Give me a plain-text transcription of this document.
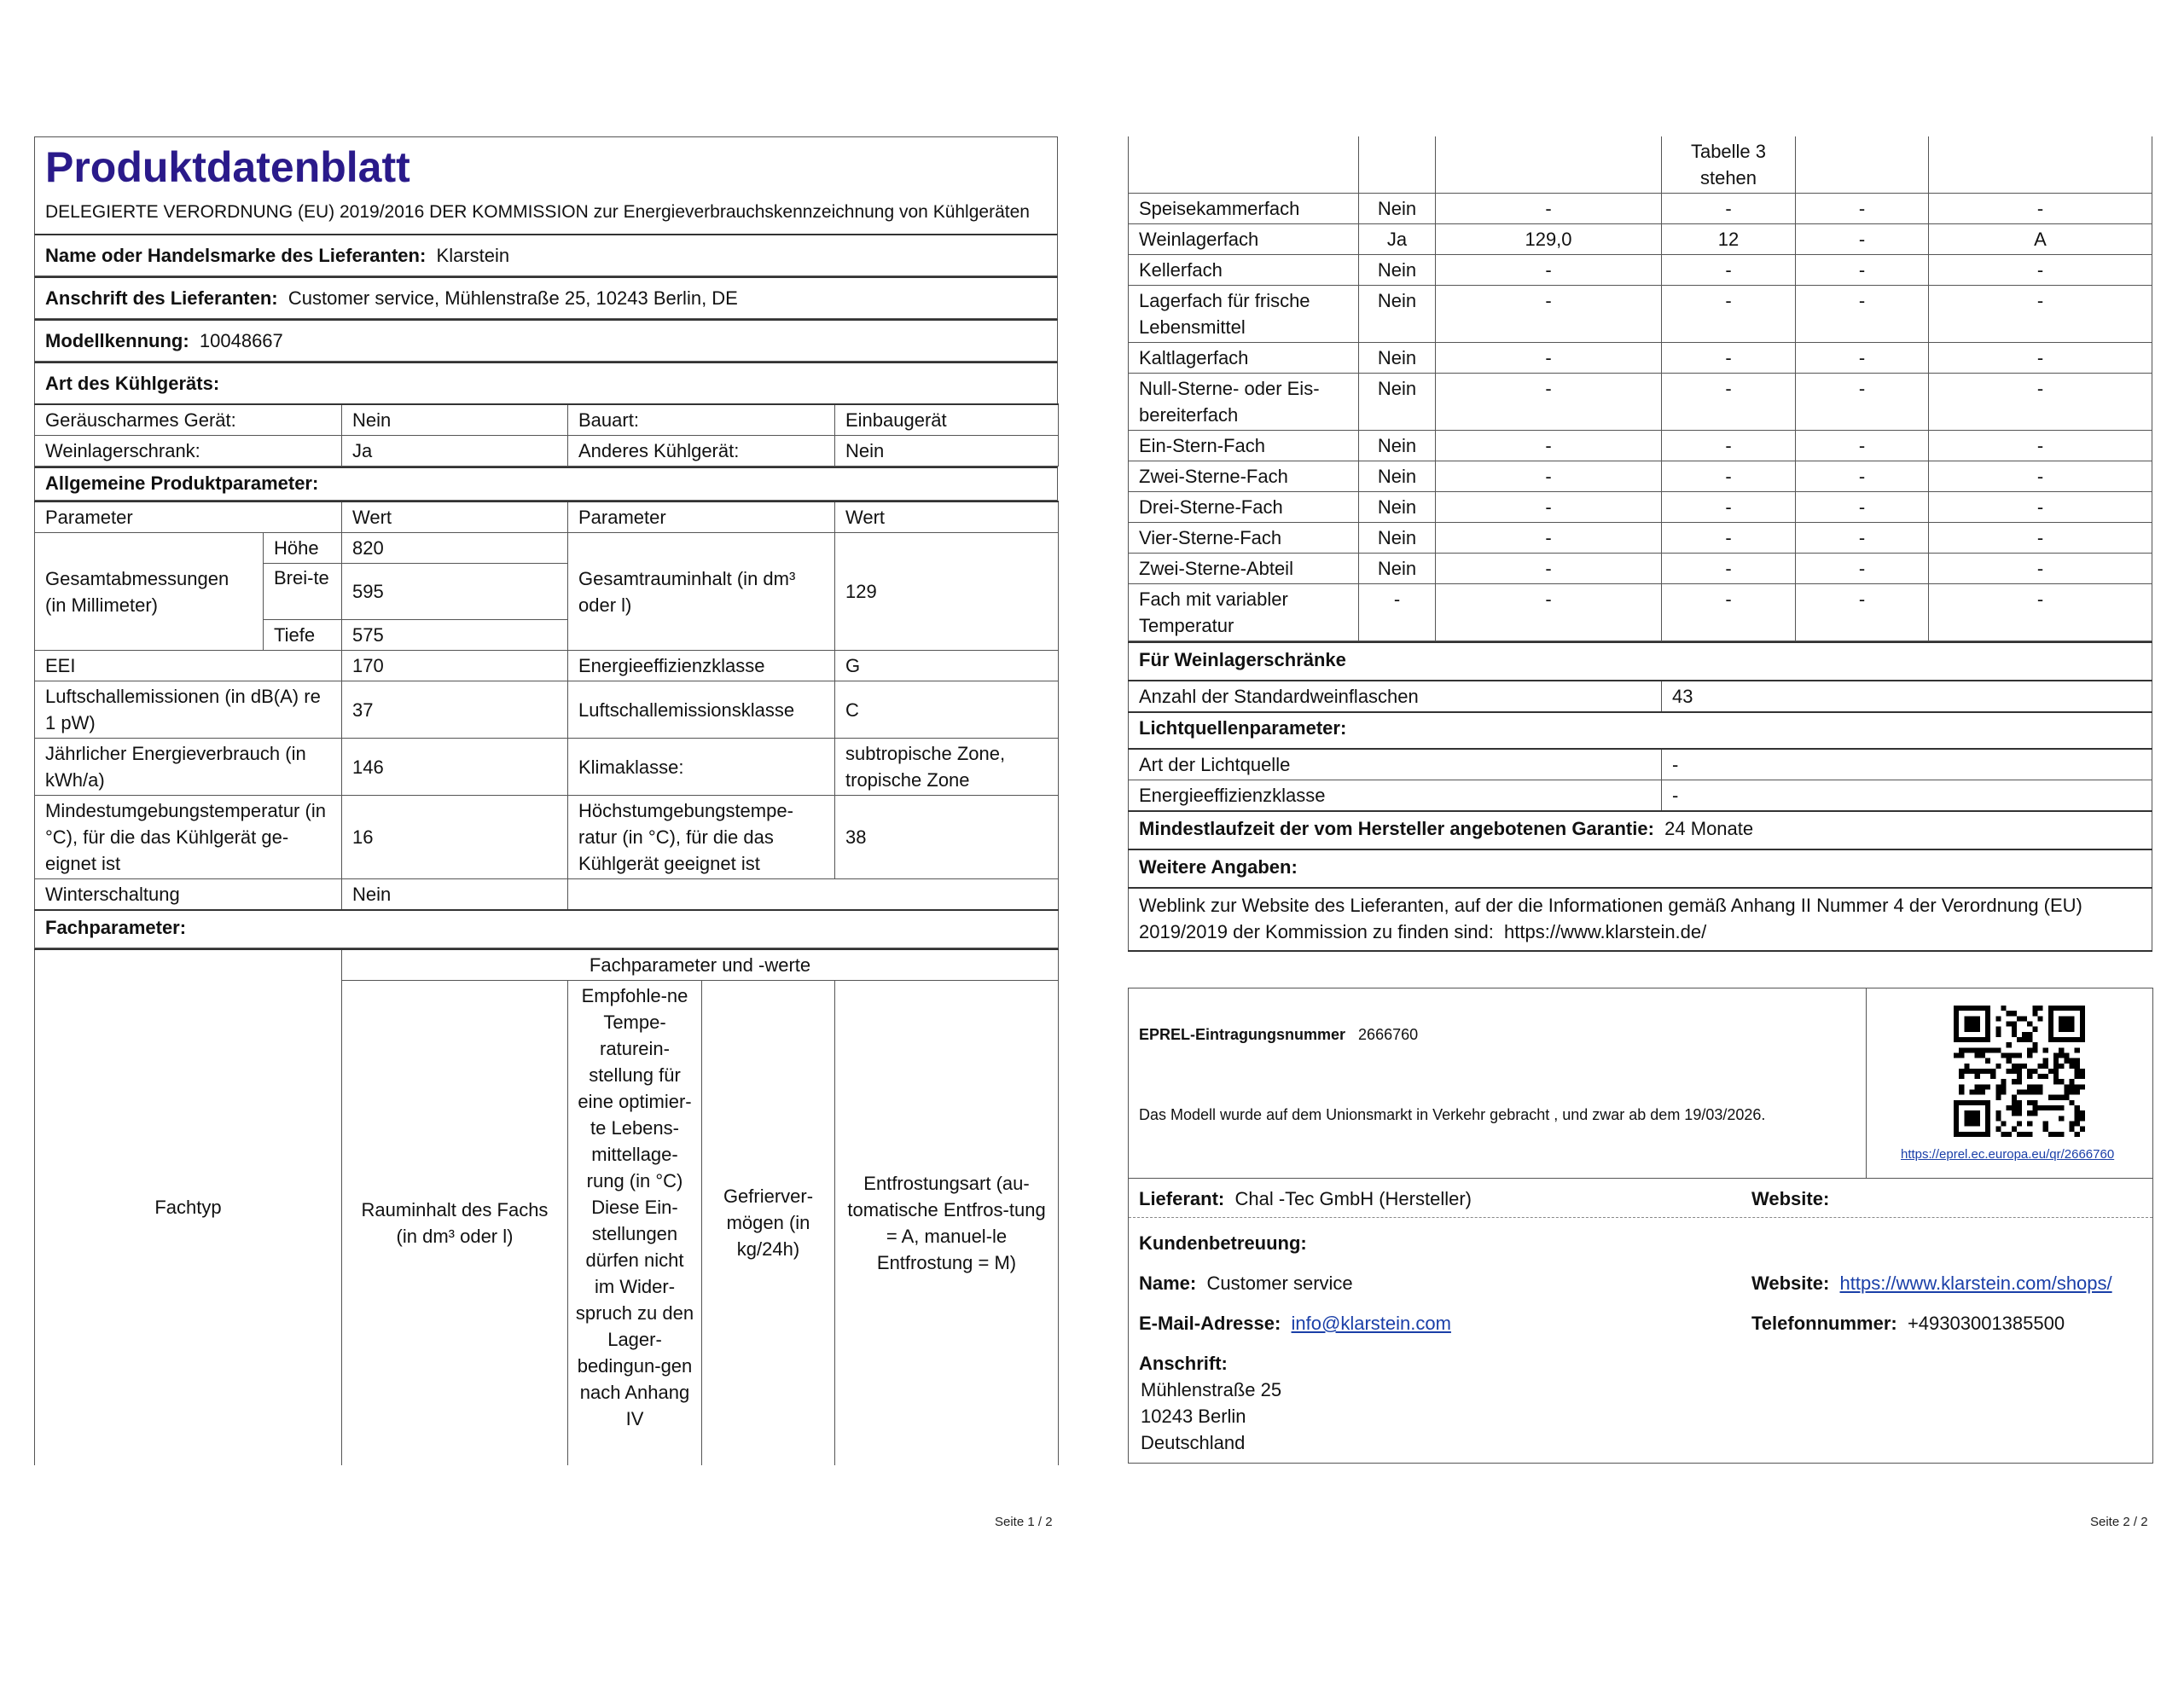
Produktdatenblatt
DELEGIERTE VERORDNUNG (EU) 2019/2016 DER KOMMISSION zur Energieverbrauchskennzeichnung von Kühlgeräten
Name oder Handelsmarke des Lieferanten: Klarstein
Anschrift des Lieferanten: Customer service, Mühlenstraße 25, 10243 Berlin, DE
Modellkennung: 10048667
Art des Kühlgeräts:
Geräuscharmes Gerät:	Nein	Bauart:	Einbaugerät
Weinlagerschrank:	Ja	Anderes Kühlgerät:	Nein
Allgemeine Produktparameter:
Parameter		Wert	Parameter	Wert
Gesamtabmessungen (in Millimeter)	Höhe	820	Gesamtrauminhalt (in dm³ oder l)	129
	Brei-te	595		
	Tiefe	575		
EEI		170	Energieeffizienzklasse	G
Luftschallemissionen (in dB(A) re 1 pW)		37	Luftschallemissionsklasse	C
Jährlicher Energieverbrauch (in kWh/a)		146	Klimaklasse:	subtropische Zone, tropische Zone
Mindestumgebungstemperatur (in °C), für die das Kühlgerät ge-eignet ist		16	Höchstumgebungstempe-ratur (in °C), für die das Kühlgerät geeignet ist	38
Winterschaltung		Nein		
Fachparameter:				
Fachtyp	Fachparameter und -werte			
	Rauminhalt des Fachs (in dm³ oder l)	Empfohle-ne Tempe-raturein-stellung für eine optimier-te Lebens-mittellage-rung (in °C) Diese Ein-stellungen dürfen nicht im Wider-spruch zu den Lager-bedingun-gen nach Anhang IV	Gefrierver-mögen (in kg/24h)	Entfrostungsart (au-tomatische Entfros-tung = A, manuel-le Entfrostung = M)
Seite 1 / 2
			Tabelle 3 stehen		
Speisekammerfach	Nein	-	-	-	-
Weinlagerfach	Ja	129,0	12	-	A
Kellerfach	Nein	-	-	-	-
Lagerfach für frische Lebensmittel	Nein	-	-	-	-
Kaltlagerfach	Nein	-	-	-	-
Null-Sterne- oder Eis-bereiterfach	Nein	-	-	-	-
Ein-Stern-Fach	Nein	-	-	-	-
Zwei-Sterne-Fach	Nein	-	-	-	-
Drei-Sterne-Fach	Nein	-	-	-	-
Vier-Sterne-Fach	Nein	-	-	-	-
Zwei-Sterne-Abteil	Nein	-	-	-	-
Fach mit variabler Temperatur	-	-	-	-	-
Für Weinlagerschränke	
Anzahl der Standardweinflaschen	43
Lichtquellenparameter:	
Art der Lichtquelle	-
Energieeffizienzklasse	-
Mindestlaufzeit der vom Hersteller angebotenen Garantie: 24 Monate	
Weitere Angaben:	
Weblink zur Website des Lieferanten, auf der die Informationen gemäß Anhang II Nummer 4 der Verordnung (EU) 2019/2019 der Kommission zu finden sind: https://www.klarstein.de/	
EPREL-Eintragungsnummer 2666760
Das Modell wurde auf dem Unionsmarkt in Verkehr gebracht , und zwar ab dem 19/03/2026.
https://eprel.ec.europa.eu/qr/2666760
Lieferant: Chal -Tec GmbH (Hersteller)	Website:
Kundenbetreuung:
Name: Customer service	Website: https://www.klarstein.com/shops/
E-Mail-Adresse: info@klarstein.com	Telefonnummer: +49303001385500
Anschrift:
Mühlenstraße 25
10243 Berlin
Deutschland
Seite 2 / 2
